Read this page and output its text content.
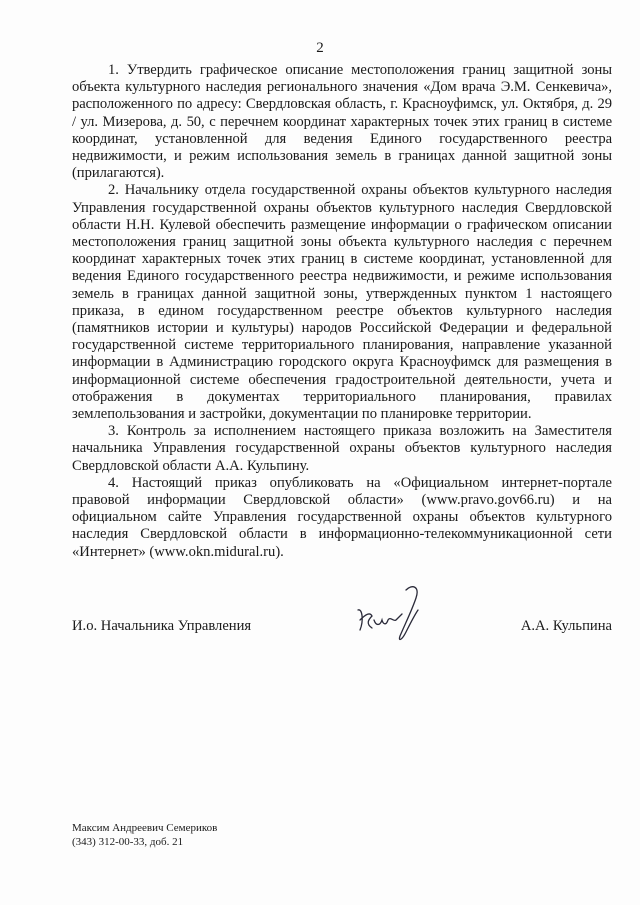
2

1. Утвердить графическое описание местоположения границ защитной зоны объекта культурного наследия регионального значения «Дом врача Э.М. Сенкевича», расположенного по адресу: Свердловская область, г. Красноуфимск, ул. Октября, д. 29 / ул. Мизерова, д. 50, с перечнем координат характерных точек этих границ в системе координат, установленной для ведения Единого государственного реестра недвижимости, и режим использования земель в границах данной защитной зоны (прилагаются).

2. Начальнику отдела государственной охраны объектов культурного наследия Управления государственной охраны объектов культурного наследия Свердловской области Н.Н. Кулевой обеспечить размещение информации о графическом описании местоположения границ защитной зоны объекта культурного наследия с перечнем координат характерных точек этих границ в системе координат, установленной для ведения Единого государственного реестра недвижимости, и режиме использования земель в границах данной защитной зоны, утвержденных пунктом 1 настоящего приказа, в едином государственном реестре объектов культурного наследия (памятников истории и культуры) народов Российской Федерации и федеральной государственной системе территориального планирования, направление указанной информации в Администрацию городского округа Красноуфимск для размещения в информационной системе обеспечения градостроительной деятельности, учета и отображения в документах территориального планирования, правилах землепользования и застройки, документации по планировке территории.

3. Контроль за исполнением настоящего приказа возложить на Заместителя начальника Управления государственной охраны объектов культурного наследия Свердловской области А.А. Кульпину.

4. Настоящий приказ опубликовать на «Официальном интернет-портале правовой информации Свердловской области» (www.pravo.gov66.ru) и на официальном сайте Управления государственной охраны объектов культурного наследия Свердловской области в информационно-телекоммуникационной сети «Интернет» (www.okn.midural.ru).

И.о. Начальника Управления	А.А. Кульпина
Максим Андреевич Семериков
(343) 312-00-33, доб. 21
